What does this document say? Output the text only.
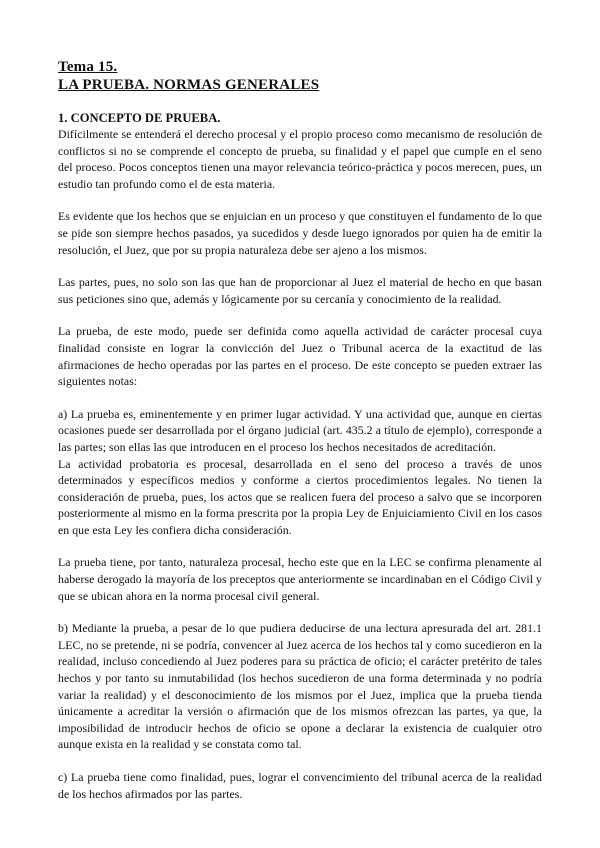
Tema 15.

LA PRUEBA. NORMAS GENERALES

1. CONCEPTO DE PRUEBA.

Difícilmente se entenderá el derecho procesal y el propio proceso como mecanismo de resolución de conflictos si no se comprende el concepto de prueba, su finalidad y el papel que cumple en el seno del proceso. Pocos conceptos tienen una mayor relevancia teórico-práctica y pocos merecen, pues, un estudio tan profundo como el de esta materia.

Es evidente que los hechos que se enjuician en un proceso y que constituyen el fundamento de lo que se pide son siempre hechos pasados, ya sucedidos y desde luego ignorados por quien ha de emitir la resolución, el Juez, que por su propia naturaleza debe ser ajeno a los mismos.

Las partes, pues, no solo son las que han de proporcionar al Juez el material de hecho en que basan sus peticiones sino que, además y lógicamente por su cercanía y conocimiento de la realidad.

La prueba, de este modo, puede ser definida como aquella actividad de carácter procesal cuya finalidad consiste en lograr la convicción del Juez o Tribunal acerca de la exactitud de las afirmaciones de hecho operadas por las partes en el proceso. De este concepto se pueden extraer las siguientes notas:

a) La prueba es, eminentemente y en primer lugar actividad. Y una actividad que, aunque en ciertas ocasiones puede ser desarrollada por el órgano judicial (art. 435.2 a título de ejemplo), corresponde a las partes; son ellas las que introducen en el proceso los hechos necesitados de acreditación.

La actividad probatoria es procesal, desarrollada en el seno del proceso a través de unos determinados y específicos medios y conforme a ciertos procedimientos legales. No tienen la consideración de prueba, pues, los actos que se realicen fuera del proceso a salvo que se incorporen posteriormente al mismo en la forma prescrita por la propia Ley de Enjuiciamiento Civil en los casos en que esta Ley les confiera dicha consideración.

La prueba tiene, por tanto, naturaleza procesal, hecho este que en la LEC se confirma plenamente al haberse derogado la mayoría de los preceptos que anteriormente se incardinaban en el Código Civil y que se ubican ahora en la norma procesal civil general.

b) Mediante la prueba, a pesar de lo que pudiera deducirse de una lectura apresurada del art. 281.1 LEC, no se pretende, ni se podría, convencer al Juez acerca de los hechos tal y como sucedieron en la realidad, incluso concediendo al Juez poderes para su práctica de oficio; el carácter pretérito de tales hechos y por tanto su inmutabilidad (los hechos sucedieron de una forma determinada y no podría variar la realidad) y el desconocimiento de los mismos por el Juez, implica que la prueba tienda únicamente a acreditar la versión o afirmación que de los mismos ofrezcan las partes, ya que, la imposibilidad de introducir hechos de oficio se opone a declarar la existencia de cualquier otro aunque exista en la realidad y se constata como tal.

c) La prueba tiene como finalidad, pues, lograr el convencimiento del tribunal acerca de la realidad de los hechos afirmados por las partes.
